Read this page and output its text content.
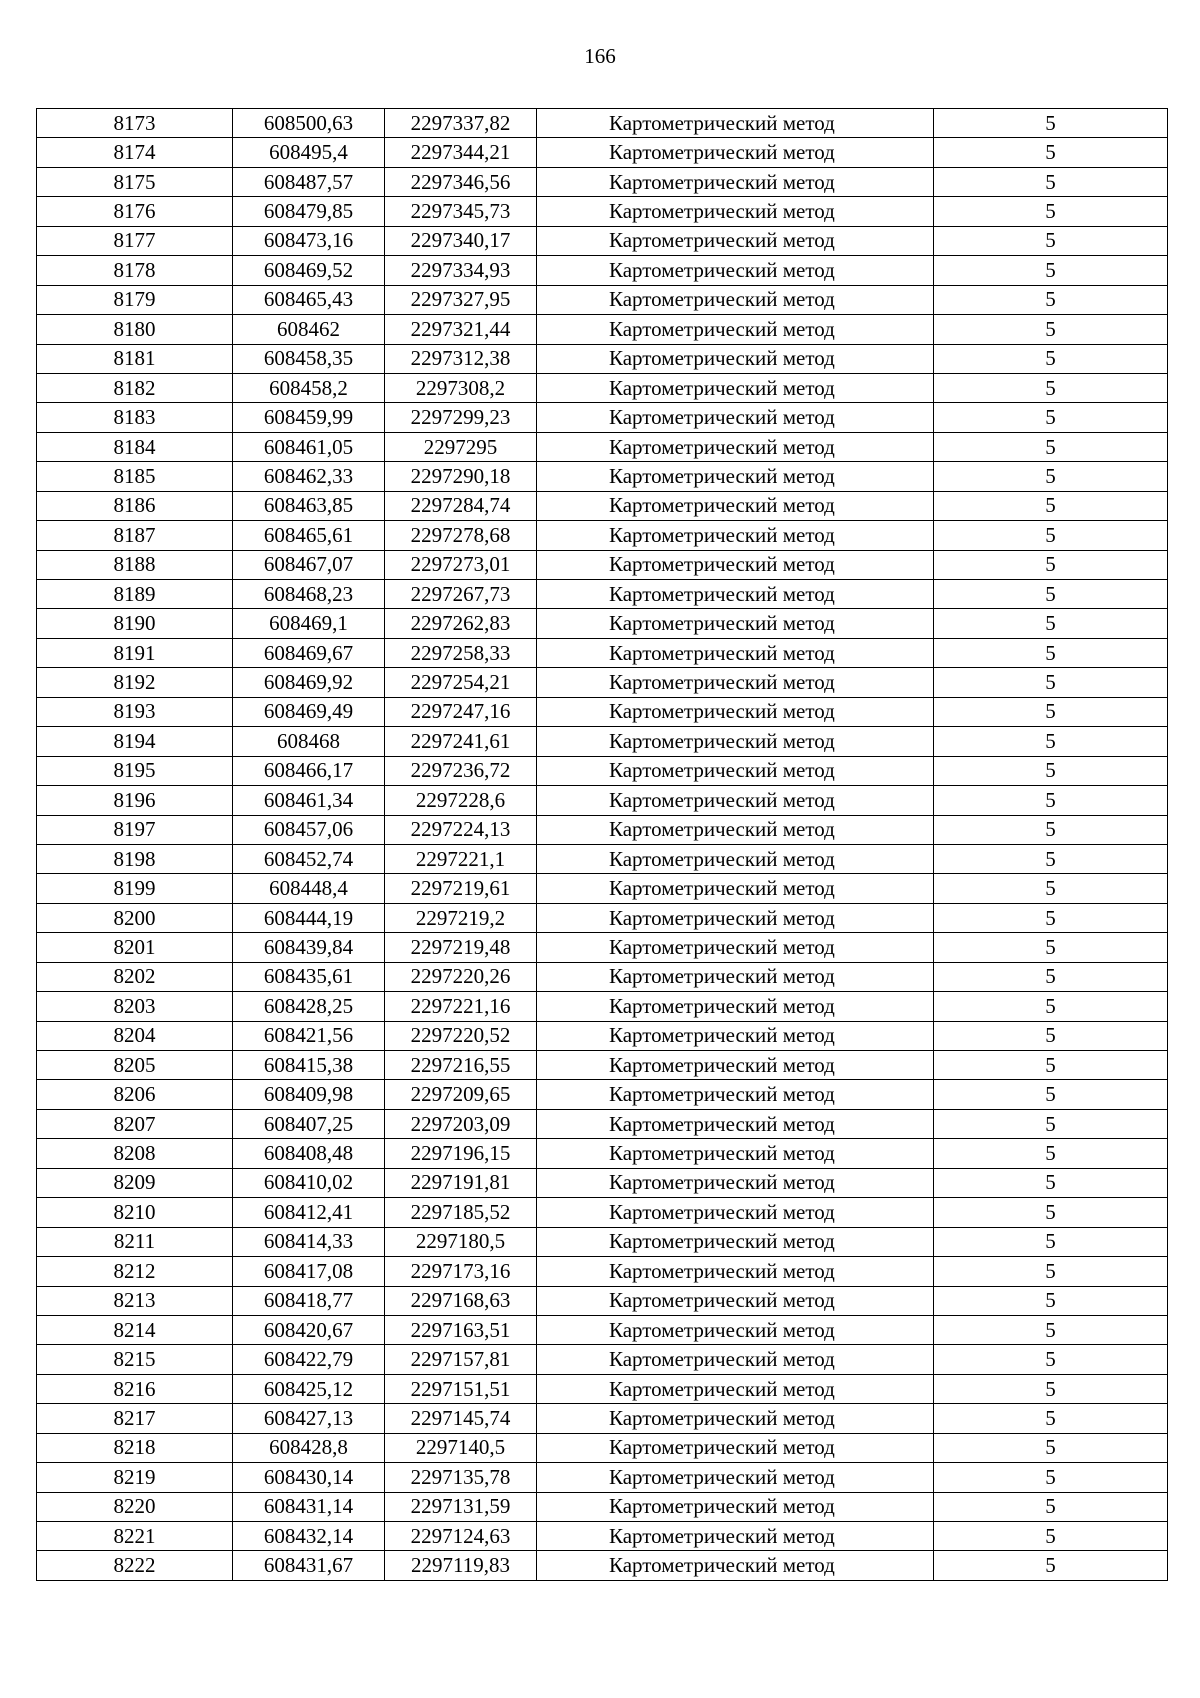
166
8173	608500,63	2297337,82	Картометрический метод	5
8174	608495,4	2297344,21	Картометрический метод	5
8175	608487,57	2297346,56	Картометрический метод	5
8176	608479,85	2297345,73	Картометрический метод	5
8177	608473,16	2297340,17	Картометрический метод	5
8178	608469,52	2297334,93	Картометрический метод	5
8179	608465,43	2297327,95	Картометрический метод	5
8180	608462	2297321,44	Картометрический метод	5
8181	608458,35	2297312,38	Картометрический метод	5
8182	608458,2	2297308,2	Картометрический метод	5
8183	608459,99	2297299,23	Картометрический метод	5
8184	608461,05	2297295	Картометрический метод	5
8185	608462,33	2297290,18	Картометрический метод	5
8186	608463,85	2297284,74	Картометрический метод	5
8187	608465,61	2297278,68	Картометрический метод	5
8188	608467,07	2297273,01	Картометрический метод	5
8189	608468,23	2297267,73	Картометрический метод	5
8190	608469,1	2297262,83	Картометрический метод	5
8191	608469,67	2297258,33	Картометрический метод	5
8192	608469,92	2297254,21	Картометрический метод	5
8193	608469,49	2297247,16	Картометрический метод	5
8194	608468	2297241,61	Картометрический метод	5
8195	608466,17	2297236,72	Картометрический метод	5
8196	608461,34	2297228,6	Картометрический метод	5
8197	608457,06	2297224,13	Картометрический метод	5
8198	608452,74	2297221,1	Картометрический метод	5
8199	608448,4	2297219,61	Картометрический метод	5
8200	608444,19	2297219,2	Картометрический метод	5
8201	608439,84	2297219,48	Картометрический метод	5
8202	608435,61	2297220,26	Картометрический метод	5
8203	608428,25	2297221,16	Картометрический метод	5
8204	608421,56	2297220,52	Картометрический метод	5
8205	608415,38	2297216,55	Картометрический метод	5
8206	608409,98	2297209,65	Картометрический метод	5
8207	608407,25	2297203,09	Картометрический метод	5
8208	608408,48	2297196,15	Картометрический метод	5
8209	608410,02	2297191,81	Картометрический метод	5
8210	608412,41	2297185,52	Картометрический метод	5
8211	608414,33	2297180,5	Картометрический метод	5
8212	608417,08	2297173,16	Картометрический метод	5
8213	608418,77	2297168,63	Картометрический метод	5
8214	608420,67	2297163,51	Картометрический метод	5
8215	608422,79	2297157,81	Картометрический метод	5
8216	608425,12	2297151,51	Картометрический метод	5
8217	608427,13	2297145,74	Картометрический метод	5
8218	608428,8	2297140,5	Картометрический метод	5
8219	608430,14	2297135,78	Картометрический метод	5
8220	608431,14	2297131,59	Картометрический метод	5
8221	608432,14	2297124,63	Картометрический метод	5
8222	608431,67	2297119,83	Картометрический метод	5
